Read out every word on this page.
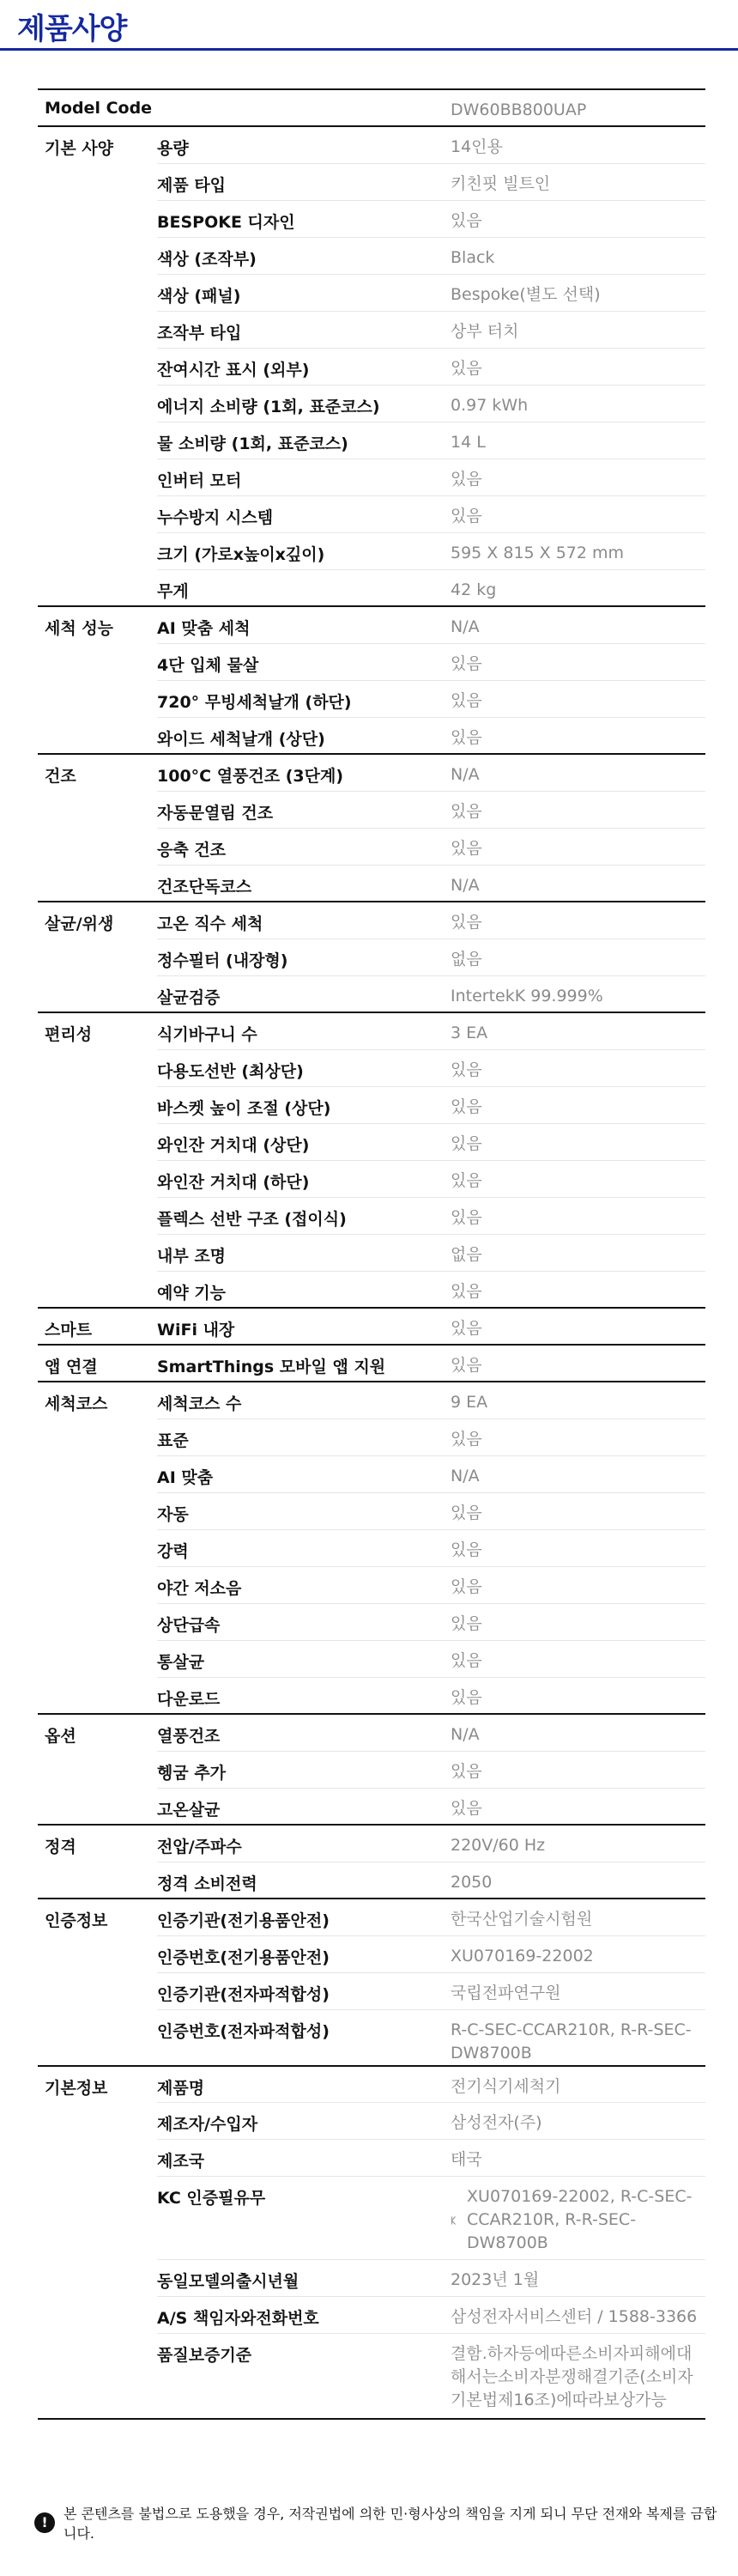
제품사양
Model Code		DW60BB800UAP
기본 사양	용량	14인용
	제품 타입	키친핏 빌트인
	BESPOKE 디자인	있음
	색상 (조작부)	Black
	색상 (패널)	Bespoke(별도 선택)
	조작부 타입	상부 터치
	잔여시간 표시 (외부)	있음
	에너지 소비량 (1회, 표준코스)	0.97 kWh
	물 소비량 (1회, 표준코스)	14 L
	인버터 모터	있음
	누수방지 시스템	있음
	크기 (가로x높이x깊이)	595 X 815 X 572 mm
	무게	42 kg
세척 성능	AI 맞춤 세척	N/A
	4단 입체 물살	있음
	720° 무빙세척날개 (하단)	있음
	와이드 세척날개 (상단)	있음
건조	100°C 열풍건조 (3단계)	N/A
	자동문열림 건조	있음
	응축 건조	있음
	건조단독코스	N/A
살균/위생	고온 직수 세척	있음
	정수필터 (내장형)	없음
	살균검증	IntertekK 99.999%
편리성	식기바구니 수	3 EA
	다용도선반 (최상단)	있음
	바스켓 높이 조절 (상단)	있음
	와인잔 거치대 (상단)	있음
	와인잔 거치대 (하단)	있음
	플렉스 선반 구조 (접이식)	있음
	내부 조명	없음
	예약 기능	있음
스마트	WiFi 내장	있음
앱 연결	SmartThings 모바일 앱 지원	있음
세척코스	세척코스 수	9 EA
	표준	있음
	AI 맞춤	N/A
	자동	있음
	강력	있음
	야간 저소음	있음
	상단급속	있음
	통살균	있음
	다운로드	있음
옵션	열풍건조	N/A
	헹굼 추가	있음
	고온살균	있음
정격	전압/주파수	220V/60 Hz
	정격 소비전력	2050
인증정보	인증기관(전기용품안전)	한국산업기술시험원
	인증번호(전기용품안전)	XU070169-22002
	인증기관(전자파적합성)	국립전파연구원
	인증번호(전자파적합성)	R-C-SEC-CCAR210R, R-R-SEC-DW8700B
기본정보	제품명	전기식기세척기
	제조자/수입자	삼성전자(주)
	제조국	태국
	KC 인증필유무	XU070169-22002, R-C-SEC-CCAR210R, R-R-SEC-DW8700B

	동일모델의출시년월	2023년 1월
	A/S 책임자와전화번호	삼성전자서비스센터 / 1588-3366
	품질보증기준	결함.하자등에따른소비자피해에대해서는소비자분쟁해결기준(소비자기본법제16조)에따라보상가능
!
본 콘텐츠를 불법으로 도용했을 경우, 저작권법에 의한 민·형사상의 책임을 지게 되니 무단 전재와 복제를 금합니다.
